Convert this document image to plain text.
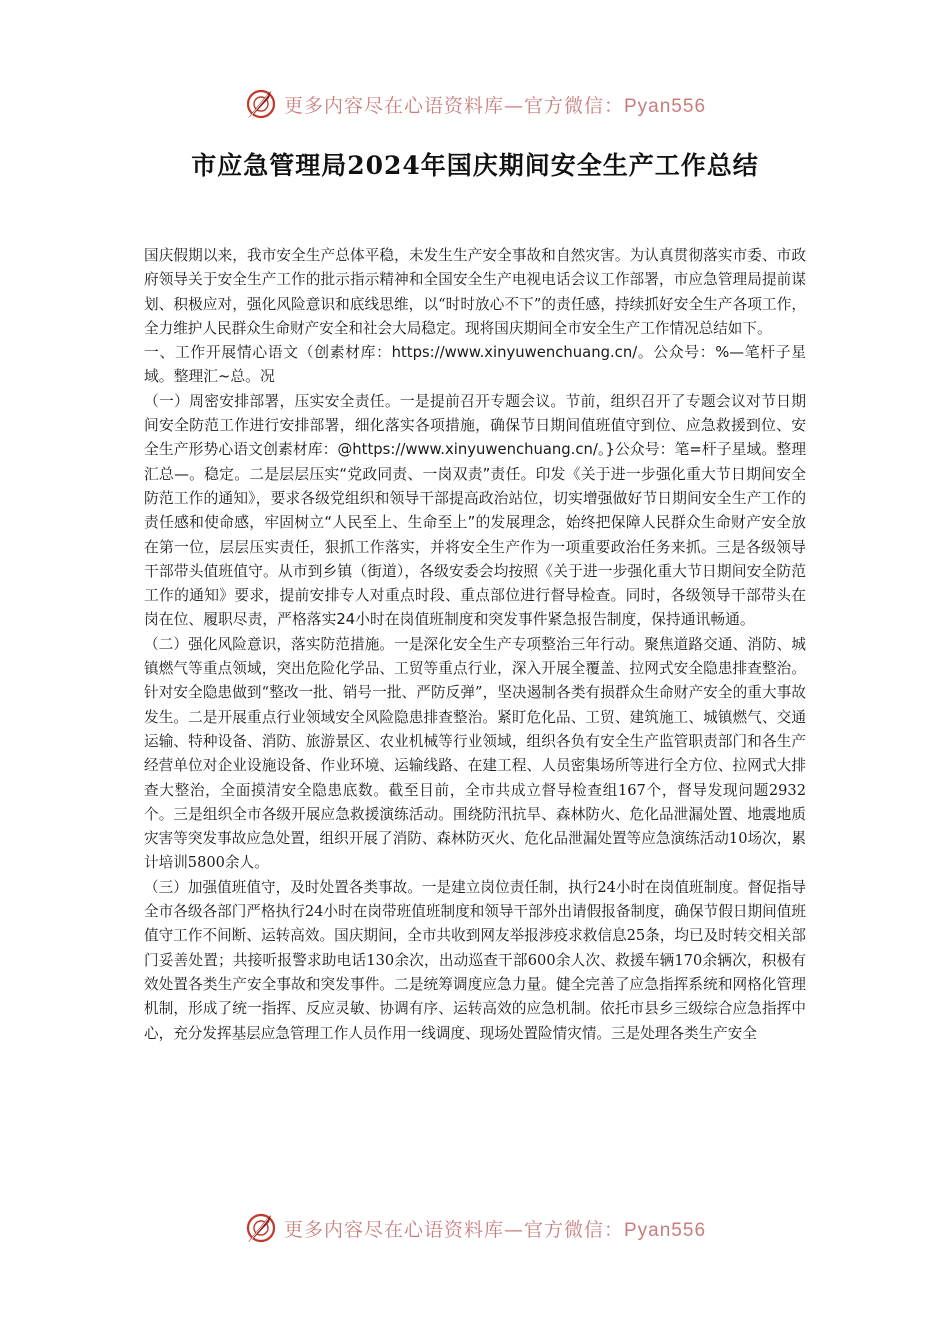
更多内容尽在心语资料库—官方微信：Pyan556
市应急管理局2024年国庆期间安全生产工作总结

国庆假期以来，我市安全生产总体平稳，未发生生产安全事故和自然灾害。为认真贯彻落实市委、市政府领导关于安全生产工作的批示指示精神和全国安全生产电视电话会议工作部署，市应急管理局提前谋划、积极应对，强化风险意识和底线思维，以“时时放心不下”的责任感，持续抓好安全生产各项工作，全力维护人民群众生命财产安全和社会大局稳定。现将国庆期间全市安全生产工作情况总结如下。

一、工作开展情心语文（创素材库：https://www.xinyuwenchuang.cn/。公众号：%—笔杆子星域。整理汇~总。况

（一）周密安排部署，压实安全责任。一是提前召开专题会议。节前，组织召开了专题会议对节日期间安全防范工作进行安排部署，细化落实各项措施，确保节日期间值班值守到位、应急救援到位、安全生产形势心语文创素材库：@https://www.xinyuwenchuang.cn/。}公众号：笔=杆子星域。整理汇总—。稳定。二是层层压实“党政同责、一岗双责”责任。印发《关于进一步强化重大节日期间安全防范工作的通知》，要求各级党组织和领导干部提高政治站位，切实增强做好节日期间安全生产工作的责任感和使命感，牢固树立“人民至上、生命至上”的发展理念，始终把保障人民群众生命财产安全放在第一位，层层压实责任，狠抓工作落实，并将安全生产作为一项重要政治任务来抓。三是各级领导干部带头值班值守。从市到乡镇（街道），各级安委会均按照《关于进一步强化重大节日期间安全防范工作的通知》要求，提前安排专人对重点时段、重点部位进行督导检查。同时，各级领导干部带头在岗在位、履职尽责，严格落实24小时在岗值班制度和突发事件紧急报告制度，保持通讯畅通。

（二）强化风险意识，落实防范措施。一是深化安全生产专项整治三年行动。聚焦道路交通、消防、城镇燃气等重点领域，突出危险化学品、工贸等重点行业，深入开展全覆盖、拉网式安全隐患排查整治。针对安全隐患做到“整改一批、销号一批、严防反弹”，坚决遏制各类有损群众生命财产安全的重大事故发生。二是开展重点行业领域安全风险隐患排查整治。紧盯危化品、工贸、建筑施工、城镇燃气、交通运输、特种设备、消防、旅游景区、农业机械等行业领域，组织各负有安全生产监管职责部门和各生产经营单位对企业设施设备、作业环境、运输线路、在建工程、人员密集场所等进行全方位、拉网式大排查大整治，全面摸清安全隐患底数。截至目前，全市共成立督导检查组167个，督导发现问题2932个。三是组织全市各级开展应急救援演练活动。围绕防汛抗旱、森林防火、危化品泄漏处置、地震地质灾害等突发事故应急处置，组织开展了消防、森林防灭火、危化品泄漏处置等应急演练活动10场次，累计培训5800余人。

（三）加强值班值守，及时处置各类事故。一是建立岗位责任制，执行24小时在岗值班制度。督促指导全市各级各部门严格执行24小时在岗带班值班制度和领导干部外出请假报备制度，确保节假日期间值班值守工作不间断、运转高效。国庆期间，全市共收到网友举报涉疫求救信息25条，均已及时转交相关部门妥善处置；共接听报警求助电话130余次，出动巡查干部600余人次、救援车辆170余辆次，积极有效处置各类生产安全事故和突发事件。二是统筹调度应急力量。健全完善了应急指挥系统和网格化管理机制，形成了统一指挥、反应灵敏、协调有序、运转高效的应急机制。依托市县乡三级综合应急指挥中心，充分发挥基层应急管理工作人员作用一线调度、现场处置险情灾情。三是处理各类生产安全

更多内容尽在心语资料库—官方微信：Pyan556
